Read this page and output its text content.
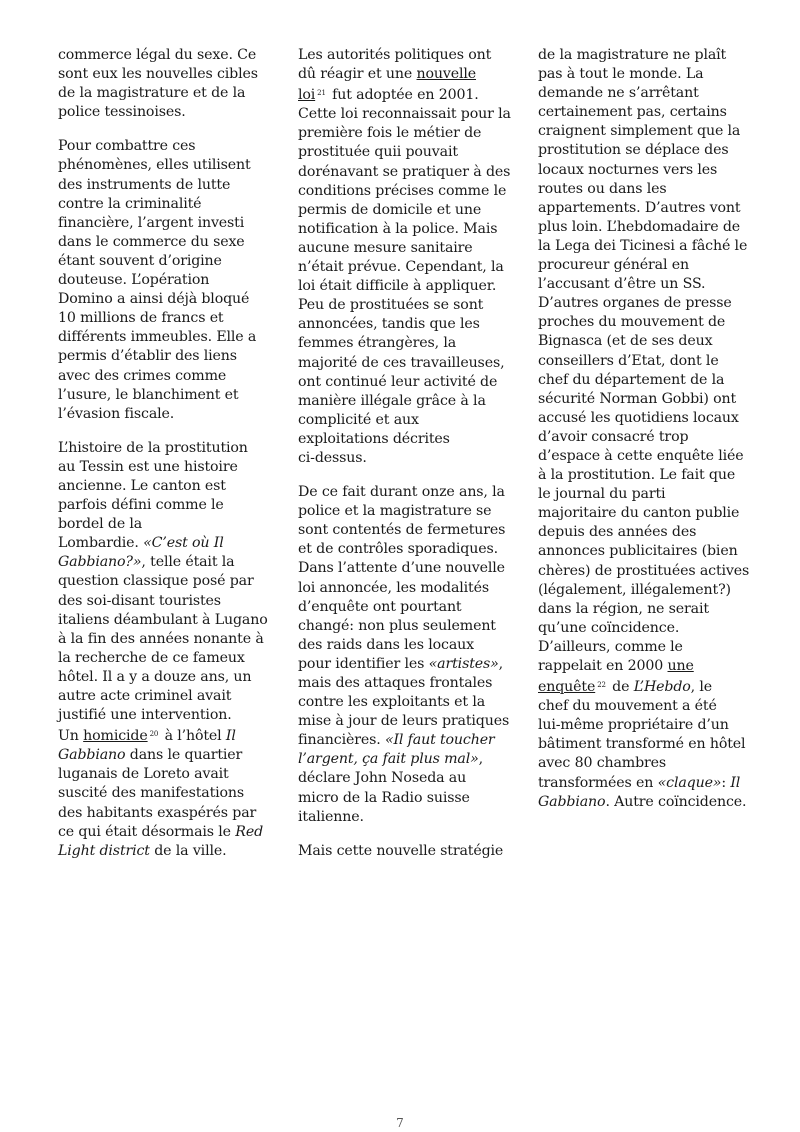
commerce légal du sexe. Ce
sont eux les nouvelles cibles
de la magistrature et de la
police tessinoises.

Pour combattre ces
phénomènes, elles utilisent
des instruments de lutte
contre la criminalité
financière, l’argent investi
dans le commerce du sexe
étant souvent d’origine
douteuse. L’opération
Domino a ainsi déjà bloqué
10 millions de francs et
différents immeubles. Elle a
permis d’établir des liens
avec des crimes comme
l’usure, le blanchiment et
l’évasion fiscale.

L’histoire de la prostitution
au Tessin est une histoire
ancienne. Le canton est
parfois défini comme le
bordel de la
Lombardie. «C’est où Il
Gabbiano?», telle était la
question classique posé par
des soi-disant touristes
italiens déambulant à Lugano
à la fin des années nonante à
la recherche de ce fameux
hôtel. Il a y a douze ans, un
autre acte criminel avait
justifié une intervention.
Un homicide $^{20}$ à l’hôtel Il
Gabbiano dans le quartier
luganais de Loreto avait
suscité des manifestations
des habitants exaspérés par
ce qui était désormais le Red
Light district de la ville.

Les autorités politiques ont
dû réagir et une nouvelle
loi $^{21}$ fut adoptée en 2001.
Cette loi reconnaissait pour la
première fois le métier de
prostituée quii pouvait
dorénavant se pratiquer à des
conditions précises comme le
permis de domicile et une
notification à la police. Mais
aucune mesure sanitaire
n’était prévue. Cependant, la
loi était difficile à appliquer.
Peu de prostituées se sont
annoncées, tandis que les
femmes étrangères, la
majorité de ces travailleuses,
ont continué leur activité de
manière illégale grâce à la
complicité et aux
exploitations décrites
ci-dessus.

De ce fait durant onze ans, la
police et la magistrature se
sont contentés de fermetures
et de contrôles sporadiques.
Dans l’attente d’une nouvelle
loi annoncée, les modalités
d’enquête ont pourtant
changé: non plus seulement
des raids dans les locaux
pour identifier les «artistes»,
mais des attaques frontales
contre les exploitants et la
mise à jour de leurs pratiques
financières. «Il faut toucher
l’argent, ça fait plus mal»,
déclare John Noseda au
micro de la Radio suisse
italienne.

Mais cette nouvelle stratégie

de la magistrature ne plaît
pas à tout le monde. La
demande ne s’arrêtant
certainement pas, certains
craignent simplement que la
prostitution se déplace des
locaux nocturnes vers les
routes ou dans les
appartements. D’autres vont
plus loin. L’hebdomadaire de
la Lega dei Ticinesi a fâché le
procureur général en
l’accusant d’être un SS.
D’autres organes de presse
proches du mouvement de
Bignasca (et de ses deux
conseillers d’Etat, dont le
chef du département de la
sécurité Norman Gobbi) ont
accusé les quotidiens locaux
d’avoir consacré trop
d’espace à cette enquête liée
à la prostitution. Le fait que
le journal du parti
majoritaire du canton publie
depuis des années des
annonces publicitaires (bien
chères) de prostituées actives
(légalement, illégalement?)
dans la région, ne serait
qu’une coïncidence.
D’ailleurs, comme le
rappelait en 2000 une
enquête $^{22}$ de L’Hebdo, le
chef du mouvement a été
lui-même propriétaire d’un
bâtiment transformé en hôtel
avec 80 chambres
transformées en «claque»: Il
Gabbiano. Autre coïncidence.

7
